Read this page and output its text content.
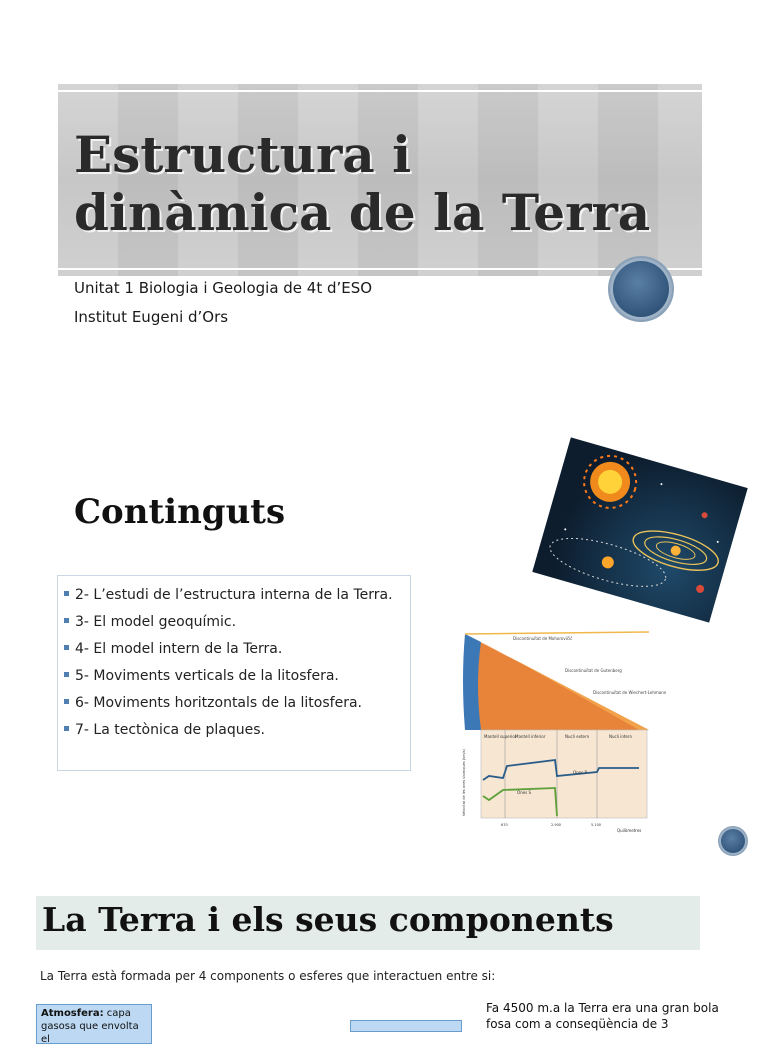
Estructura i
dinàmica de la Terra
Unitat 1 Biologia i Geologia de 4t d’ESO
Institut Eugeni d’Ors
Continguts
2- L’estudi de l’estructura interna de la Terra.
3- El model geoquímic.
4- El model intern de la Terra.
5- Moviments verticals de la litosfera.
6- Moviments horitzontals de la litosfera.
7- La tectònica de plaques.
Discontinuïtat de Mohorovičić
Discontinuïtat de Gutenberg
Discontinuïtat de Wiechert-Lehmann
Mantell superior
Mantell inferior	Nucli extern	Nucli intern
Ones P
Ones S
Velocitat de les ones sísmiques (km/s)
670	2.900	5.100
Quilòmetres
La Terra i els seus components
La Terra està formada per 4 components o esferes que interactuen entre si:
Atmosfera: capa gasosa que envolta el
Fa 4500 m.a la Terra era una gran bola
fosa com a conseqüència de 3
